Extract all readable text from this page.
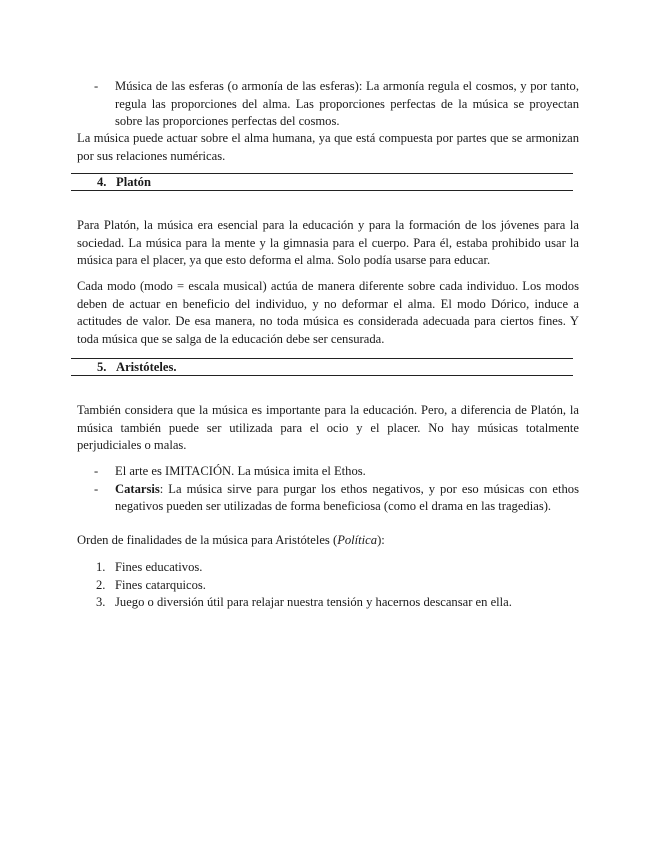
- Música de las esferas (o armonía de las esferas): La armonía regula el cosmos, y por tanto, regula las proporciones del alma. Las proporciones perfectas de la música se proyectan sobre las proporciones perfectas del cosmos.

La música puede actuar sobre el alma humana, ya que está compuesta por partes que se armonizan por sus relaciones numéricas.

4. Platón

Para Platón, la música era esencial para la educación y para la formación de los jóvenes para la sociedad. La música para la mente y la gimnasia para el cuerpo. Para él, estaba prohibido usar la música para el placer, ya que esto deforma el alma. Solo podía usarse para educar.

Cada modo (modo = escala musical) actúa de manera diferente sobre cada individuo. Los modos deben de actuar en beneficio del individuo, y no deformar el alma. El modo Dórico, induce a actitudes de valor. De esa manera, no toda música es considerada adecuada para ciertos fines. Y toda música que se salga de la educación debe ser censurada.

5. Aristóteles.

También considera que la música es importante para la educación. Pero, a diferencia de Platón, la música también puede ser utilizada para el ocio y el placer. No hay músicas totalmente perjudiciales o malas.

- El arte es IMITACIÓN. La música imita el Ethos.

- Catarsis: La música sirve para purgar los ethos negativos, y por eso músicas con ethos negativos pueden ser utilizadas de forma beneficiosa (como el drama en las tragedias).

Orden de finalidades de la música para Aristóteles (Política):

1. Fines educativos.

2. Fines catarquicos.

3. Juego o diversión útil para relajar nuestra tensión y hacernos descansar en ella.
